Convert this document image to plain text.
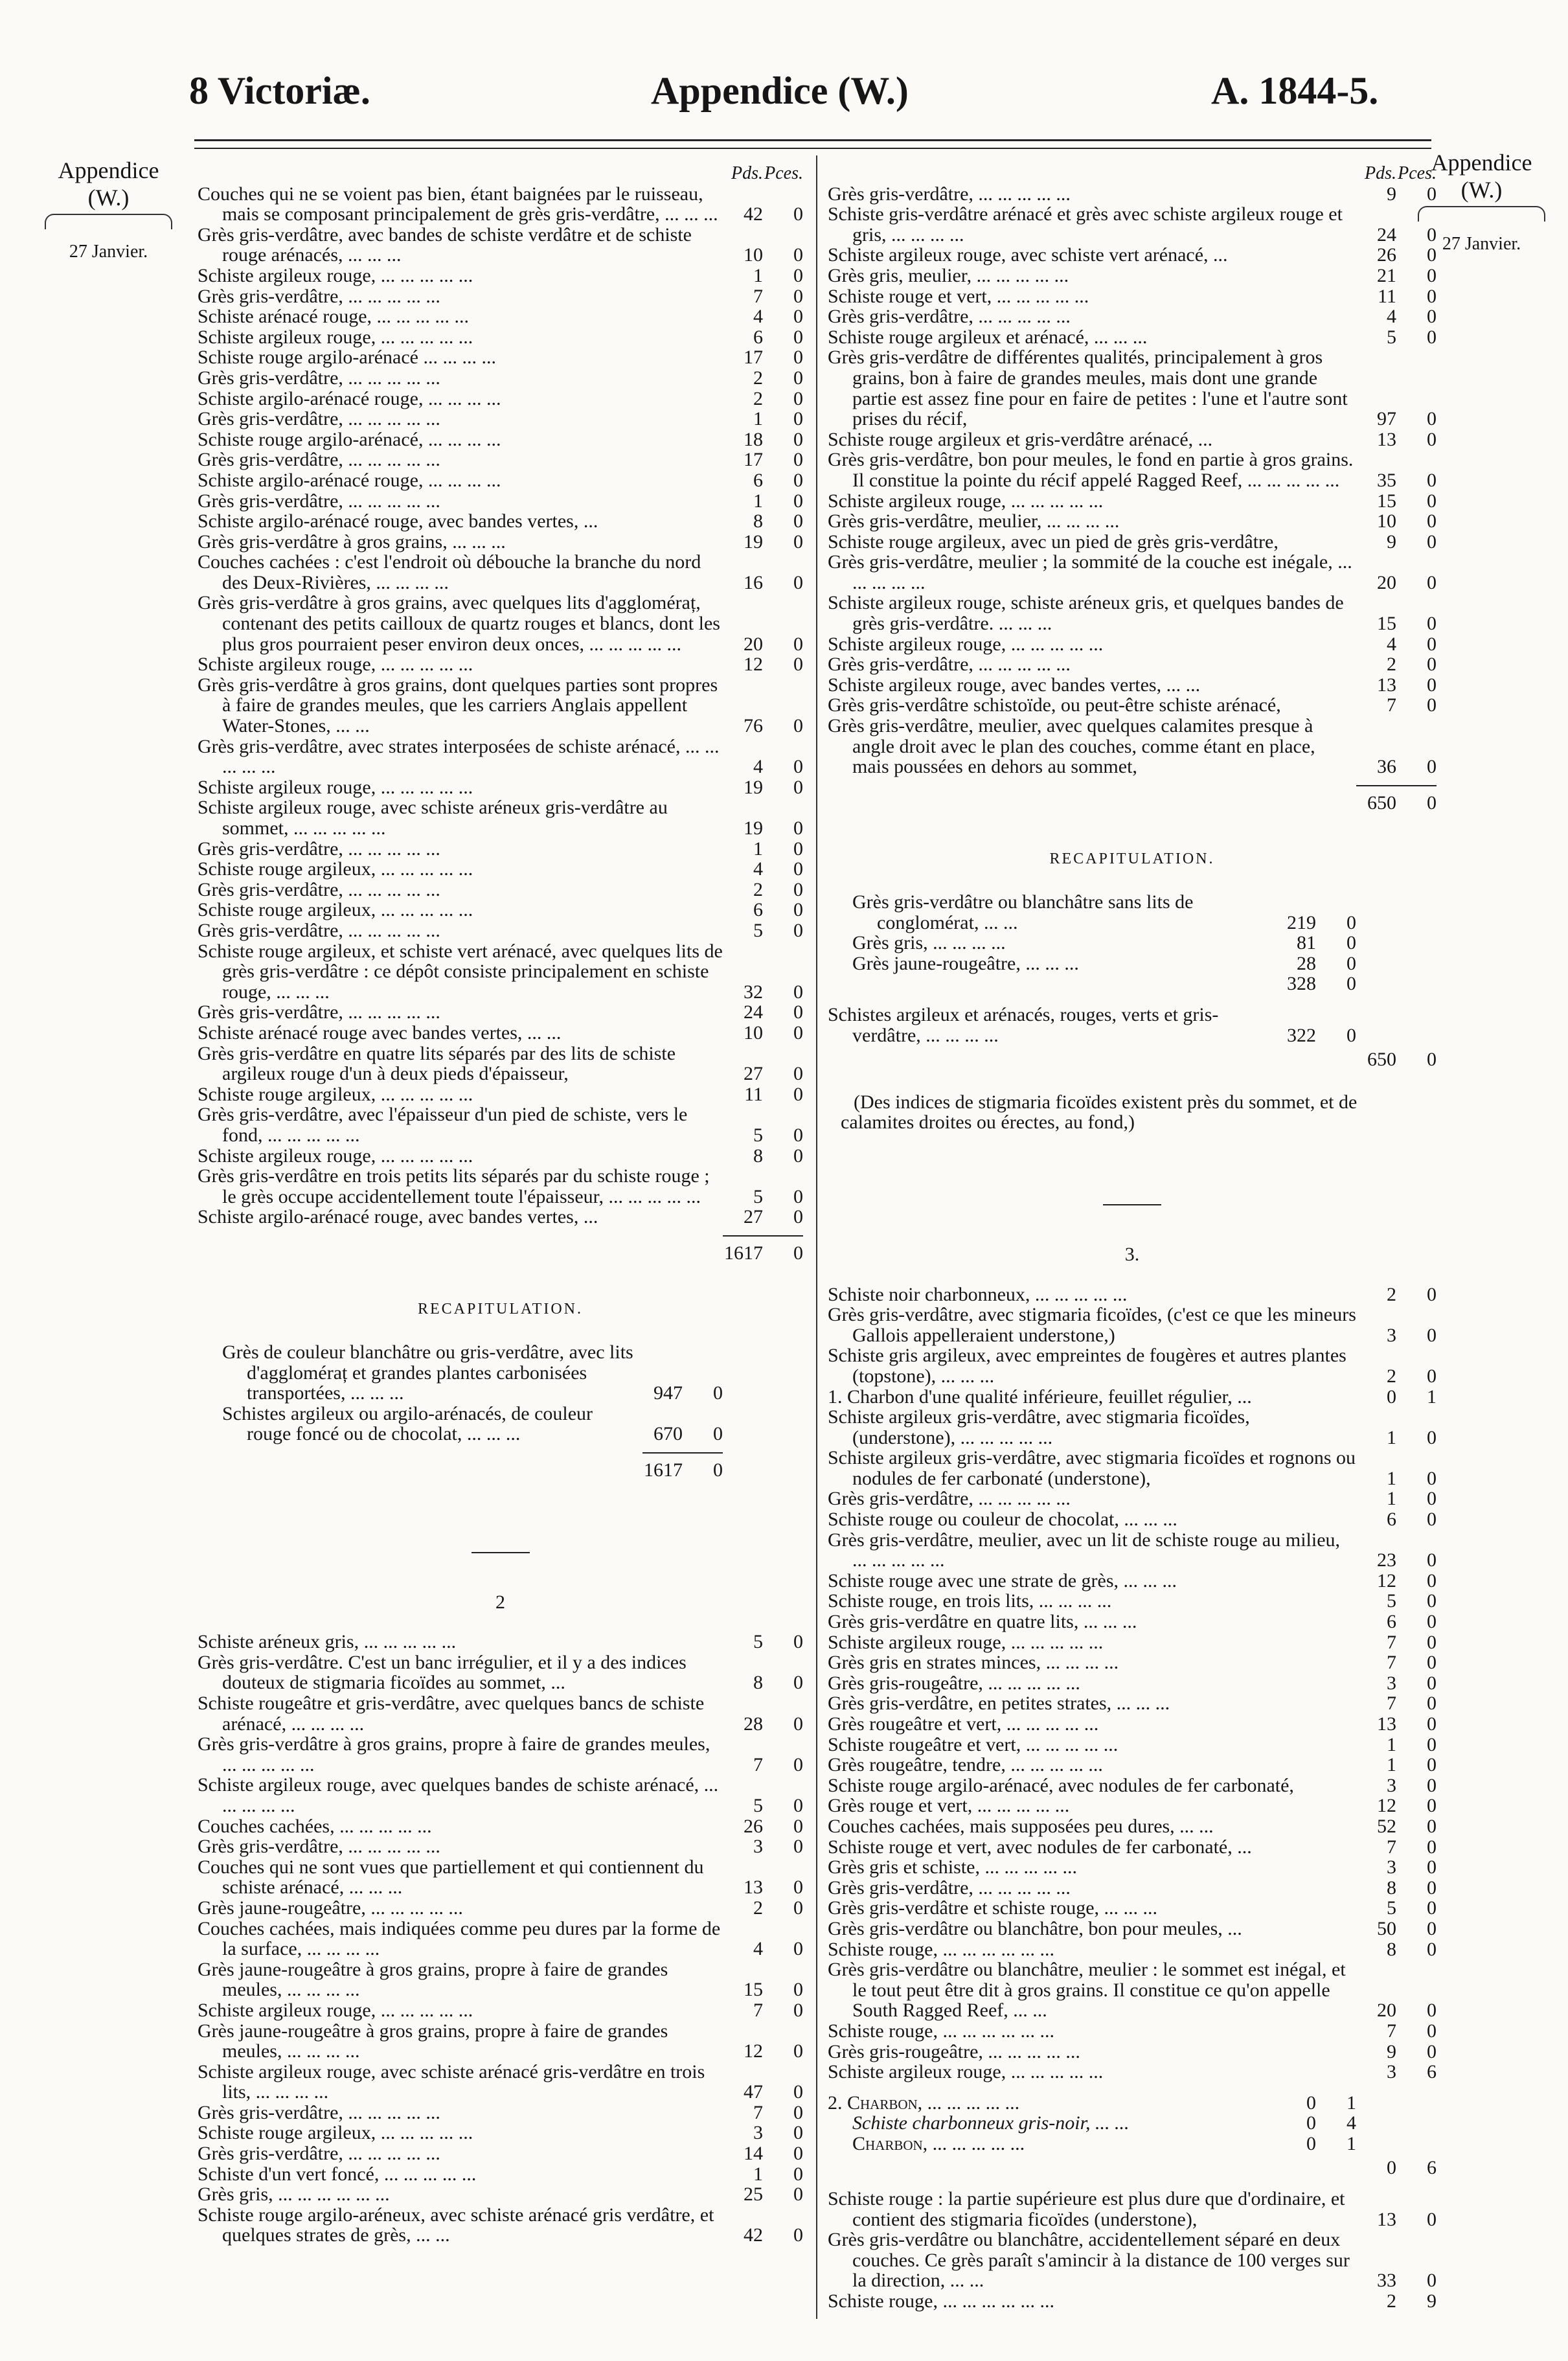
8 Victoriæ.	Appendice (W.)	A. 1844-5.
Appendice
(W.)
27 Janvier.
Appendice
(W.)
27 Janvier.
Pds. Pces.
Couches qui ne se voient pas bien, étant baignées par le ruisseau, mais se composant principalement de grès gris-verdâtre, ... ... ...	42	0
Grès gris-verdâtre, avec bandes de schiste verdâtre et de schiste rouge arénacés, ... ... ...	10	0
Schiste argileux rouge, ... ... ... ... ...	1	0
Grès gris-verdâtre, ... ... ... ... ...	7	0
Schiste arénacé rouge, ... ... ... ... ...	4	0
Schiste argileux rouge, ... ... ... ... ...	6	0
Schiste rouge argilo-arénacé ... ... ... ...	17	0
Grès gris-verdâtre, ... ... ... ... ...	2	0
Schiste argilo-arénacé rouge, ... ... ... ...	2	0
Grès gris-verdâtre, ... ... ... ... ...	1	0
Schiste rouge argilo-arénacé, ... ... ... ...	18	0
Grès gris-verdâtre, ... ... ... ... ...	17	0
Schiste argilo-arénacé rouge, ... ... ... ...	6	0
Grès gris-verdâtre, ... ... ... ... ...	1	0
Schiste argilo-arénacé rouge, avec bandes vertes, ...	8	0
Grès gris-verdâtre à gros grains, ... ... ...	19	0
Couches cachées : c'est l'endroit où débouche la branche du nord des Deux-Rivières, ... ... ... ...	16	0
Grès gris-verdâtre à gros grains, avec quelques lits d'aggloméraț, contenant des petits cailloux de quartz rouges et blancs, dont les plus gros pourraient peser environ deux onces, ... ... ... ... ...	20	0
Schiste argileux rouge, ... ... ... ... ...	12	0
Grès gris-verdâtre à gros grains, dont quelques parties sont propres à faire de grandes meules, que les carriers Anglais appellent Water-Stones, ... ...	76	0
Grès gris-verdâtre, avec strates interposées de schiste arénacé, ... ... ... ... ...	4	0
Schiste argileux rouge, ... ... ... ... ...	19	0
Schiste argileux rouge, avec schiste aréneux gris-verdâtre au sommet, ... ... ... ... ...	19	0
Grès gris-verdâtre, ... ... ... ... ...	1	0
Schiste rouge argileux, ... ... ... ... ...	4	0
Grès gris-verdâtre, ... ... ... ... ...	2	0
Schiste rouge argileux, ... ... ... ... ...	6	0
Grès gris-verdâtre, ... ... ... ... ...	5	0
Schiste rouge argileux, et schiste vert arénacé, avec quelques lits de grès gris-verdâtre : ce dépôt consiste principalement en schiste rouge, ... ... ...	32	0
Grès gris-verdâtre, ... ... ... ... ...	24	0
Schiste arénacé rouge avec bandes vertes, ... ...	10	0
Grès gris-verdâtre en quatre lits séparés par des lits de schiste argileux rouge d'un à deux pieds d'épaisseur,	27	0
Schiste rouge argileux, ... ... ... ... ...	11	0
Grès gris-verdâtre, avec l'épaisseur d'un pied de schiste, vers le fond, ... ... ... ... ...	5	0
Schiste argileux rouge, ... ... ... ... ...	8	0
Grès gris-verdâtre en trois petits lits séparés par du schiste rouge ; le grès occupe accidentellement toute l'épaisseur, ... ... ... ... ...	5	0
Schiste argilo-arénacé rouge, avec bandes vertes, ...	27	0
1617	0
RECAPITULATION.
Grès de couleur blanchâtre ou gris-verdâtre, avec lits d'aggloméraț et grandes plantes carbonisées transportées, ... ... ...	947	0
Schistes argileux ou argilo-arénacés, de couleur rouge foncé ou de chocolat, ... ... ...	670	0
1617	0
2
Schiste aréneux gris, ... ... ... ... ...	5	0
Grès gris-verdâtre. C'est un banc irrégulier, et il y a des indices douteux de stigmaria ficoïdes au sommet, ...	8	0
Schiste rougeâtre et gris-verdâtre, avec quelques bancs de schiste arénacé, ... ... ... ...	28	0
Grès gris-verdâtre à gros grains, propre à faire de grandes meules, ... ... ... ... ...	7	0
Schiste argileux rouge, avec quelques bandes de schiste arénacé, ... ... ... ... ...	5	0
Couches cachées, ... ... ... ... ...	26	0
Grès gris-verdâtre, ... ... ... ... ...	3	0
Couches qui ne sont vues que partiellement et qui contiennent du schiste arénacé, ... ... ...	13	0
Grès jaune-rougeâtre, ... ... ... ... ...	2	0
Couches cachées, mais indiquées comme peu dures par la forme de la surface, ... ... ... ...	4	0
Grès jaune-rougeâtre à gros grains, propre à faire de grandes meules, ... ... ... ...	15	0
Schiste argileux rouge, ... ... ... ... ...	7	0
Grès jaune-rougeâtre à gros grains, propre à faire de grandes meules, ... ... ... ...	12	0
Schiste argileux rouge, avec schiste arénacé gris-verdâtre en trois lits, ... ... ... ...	47	0
Grès gris-verdâtre, ... ... ... ... ...	7	0
Schiste rouge argileux, ... ... ... ... ...	3	0
Grès gris-verdâtre, ... ... ... ... ...	14	0
Schiste d'un vert foncé, ... ... ... ... ...	1	0
Grès gris, ... ... ... ... ... ...	25	0
Schiste rouge argilo-aréneux, avec schiste arénacé gris verdâtre, et quelques strates de grès, ... ...	42	0
Pds. Pces.
Grès gris-verdâtre, ... ... ... ... ...	9	0
Schiste gris-verdâtre arénacé et grès avec schiste argileux rouge et gris, ... ... ... ...	24	0
Schiste argileux rouge, avec schiste vert arénacé, ...	26	0
Grès gris, meulier, ... ... ... ... ...	21	0
Schiste rouge et vert, ... ... ... ... ...	11	0
Grès gris-verdâtre, ... ... ... ... ...	4	0
Schiste rouge argileux et arénacé, ... ... ...	5	0
Grès gris-verdâtre de différentes qualités, principalement à gros grains, bon à faire de grandes meules, mais dont une grande partie est assez fine pour en faire de petites : l'une et l'autre sont prises du récif,	97	0
Schiste rouge argileux et gris-verdâtre arénacé, ...	13	0
Grès gris-verdâtre, bon pour meules, le fond en partie à gros grains. Il constitue la pointe du récif appelé Ragged Reef, ... ... ... ... ...	35	0
Schiste argileux rouge, ... ... ... ... ...	15	0
Grès gris-verdâtre, meulier, ... ... ... ...	10	0
Schiste rouge argileux, avec un pied de grès gris-verdâtre,	9	0
Grès gris-verdâtre, meulier ; la sommité de la couche est inégale, ... ... ... ... ...	20	0
Schiste argileux rouge, schiste aréneux gris, et quelques bandes de grès gris-verdâtre. ... ... ...	15	0
Schiste argileux rouge, ... ... ... ... ...	4	0
Grès gris-verdâtre, ... ... ... ... ...	2	0
Schiste argileux rouge, avec bandes vertes, ... ...	13	0
Grès gris-verdâtre schistoïde, ou peut-être schiste arénacé,	7	0
Grès gris-verdâtre, meulier, avec quelques calamites presque à angle droit avec le plan des couches, comme étant en place, mais poussées en dehors au sommet,	36	0
650	0
RECAPITULATION.
Grès gris-verdâtre ou blanchâtre sans lits de conglomérat, ... ...	219	0
Grès gris, ... ... ... ...	81	0
Grès jaune-rougeâtre, ... ... ...	28	0
328	0
Schistes argileux et arénacés, rouges, verts et gris-verdâtre, ... ... ... ...	322	0
650	0
(Des indices de stigmaria ficoïdes existent près du sommet, et de calamites droites ou érectes, au fond,)
3.
Schiste noir charbonneux, ... ... ... ... ...	2	0
Grès gris-verdâtre, avec stigmaria ficoïdes, (c'est ce que les mineurs Gallois appelleraient understone,)	3	0
Schiste gris argileux, avec empreintes de fougères et autres plantes (topstone), ... ... ...	2	0
1. Charbon d'une qualité inférieure, feuillet régulier, ...	0	1
Schiste argileux gris-verdâtre, avec stigmaria ficoïdes, (understone), ... ... ... ... ...	1	0
Schiste argileux gris-verdâtre, avec stigmaria ficoïdes et rognons ou nodules de fer carbonaté (understone),	1	0
Grès gris-verdâtre, ... ... ... ... ...	1	0
Schiste rouge ou couleur de chocolat, ... ... ...	6	0
Grès gris-verdâtre, meulier, avec un lit de schiste rouge au milieu, ... ... ... ... ...	23	0
Schiste rouge avec une strate de grès, ... ... ...	12	0
Schiste rouge, en trois lits, ... ... ... ...	5	0
Grès gris-verdâtre en quatre lits, ... ... ...	6	0
Schiste argileux rouge, ... ... ... ... ...	7	0
Grès gris en strates minces, ... ... ... ...	7	0
Grès gris-rougeâtre, ... ... ... ... ...	3	0
Grès gris-verdâtre, en petites strates, ... ... ...	7	0
Grès rougeâtre et vert, ... ... ... ... ...	13	0
Schiste rougeâtre et vert, ... ... ... ... ...	1	0
Grès rougeâtre, tendre, ... ... ... ... ...	1	0
Schiste rouge argilo-arénacé, avec nodules de fer carbonaté,	3	0
Grès rouge et vert, ... ... ... ... ...	12	0
Couches cachées, mais supposées peu dures, ... ...	52	0
Schiste rouge et vert, avec nodules de fer carbonaté, ...	7	0
Grès gris et schiste, ... ... ... ... ...	3	0
Grès gris-verdâtre, ... ... ... ... ...	8	0
Grès gris-verdâtre et schiste rouge, ... ... ...	5	0
Grès gris-verdâtre ou blanchâtre, bon pour meules, ...	50	0
Schiste rouge, ... ... ... ... ... ...	8	0
Grès gris-verdâtre ou blanchâtre, meulier : le sommet est inégal, et le tout peut être dit à gros grains. Il constitue ce qu'on appelle South Ragged Reef, ... ...	20	0
Schiste rouge, ... ... ... ... ... ...	7	0
Grès gris-rougeâtre, ... ... ... ... ...	9	0
Schiste argileux rouge, ... ... ... ... ...	3	6
2. Charbon, ... ... ... ... ...	0	1
Schiste charbonneux gris-noir, ... ...	0	4
Charbon, ... ... ... ... ...	0	1
0	6
Schiste rouge : la partie supérieure est plus dure que d'ordinaire, et contient des stigmaria ficoïdes (understone),	13	0
Grès gris-verdâtre ou blanchâtre, accidentellement séparé en deux couches. Ce grès paraît s'amincir à la distance de 100 verges sur la direction, ... ...	33	0
Schiste rouge, ... ... ... ... ... ...	2	9
